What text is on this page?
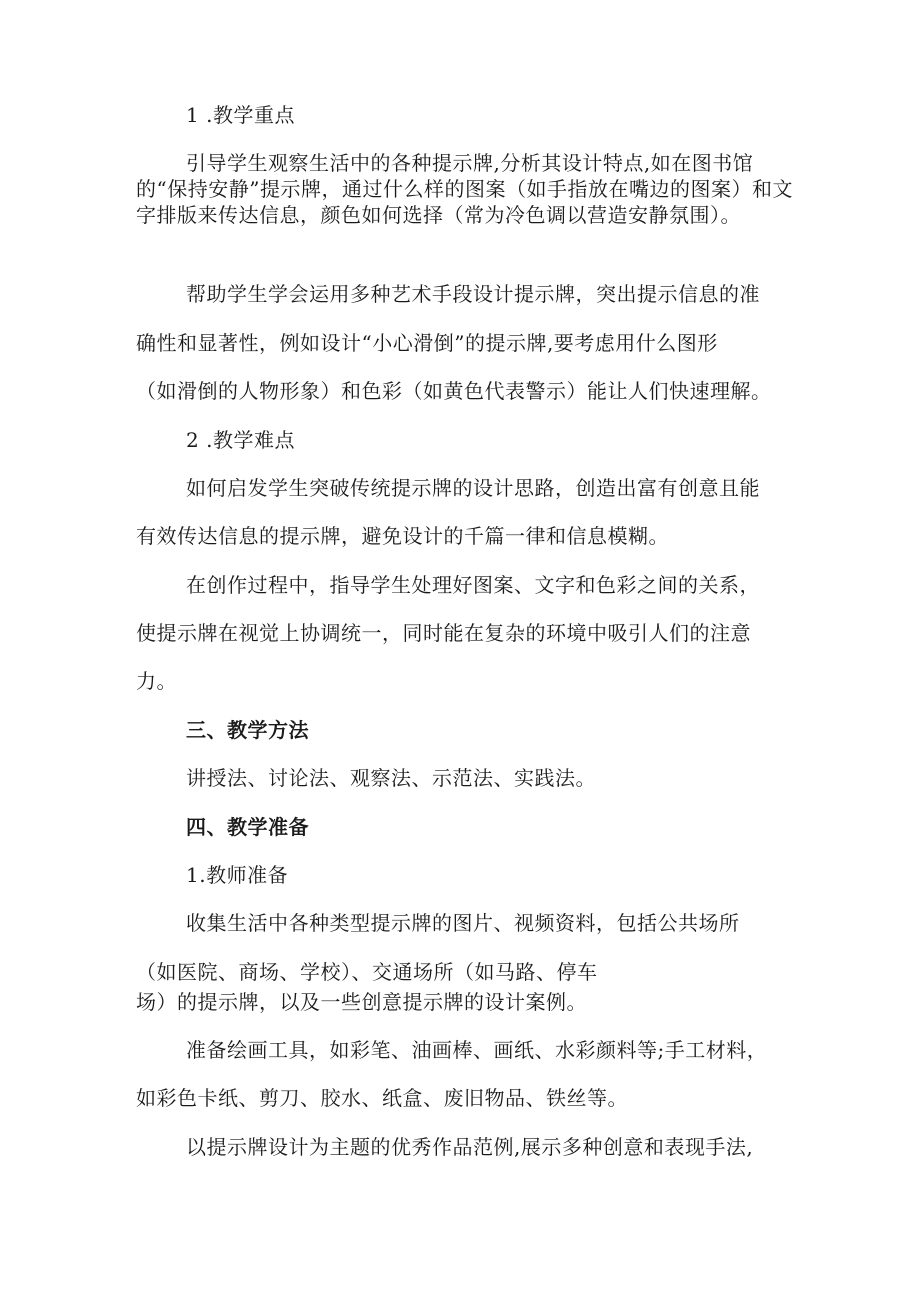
1 .教学重点
引导学生观察生活中的各种提示牌,分析其设计特点,如在图书馆的“保持安静”提示牌，通过什么样的图案（如手指放在嘴边的图案）和文字排版来传达信息，颜色如何选择（常为冷色调以营造安静氛围）。
帮助学生学会运用多种艺术手段设计提示牌，突出提示信息的准
确性和显著性，例如设计“小心滑倒”的提示牌,要考虑用什么图形
（如滑倒的人物形象）和色彩（如黄色代表警示）能让人们快速理解。
2 .教学难点
如何启发学生突破传统提示牌的设计思路，创造出富有创意且能
有效传达信息的提示牌，避免设计的千篇一律和信息模糊。
在创作过程中，指导学生处理好图案、文字和色彩之间的关系，
使提示牌在视觉上协调统一，同时能在复杂的环境中吸引人们的注意
力。
三、教学方法
讲授法、讨论法、观察法、示范法、实践法。
四、教学准备
1.教师准备
收集生活中各种类型提示牌的图片、视频资料，包括公共场所
（如医院、商场、学校）、交通场所（如马路、停车
场）的提示牌，以及一些创意提示牌的设计案例。
准备绘画工具，如彩笔、油画棒、画纸、水彩颜料等;手工材料，
如彩色卡纸、剪刀、胶水、纸盒、废旧物品、铁丝等。
以提示牌设计为主题的优秀作品范例,展示多种创意和表现手法,
